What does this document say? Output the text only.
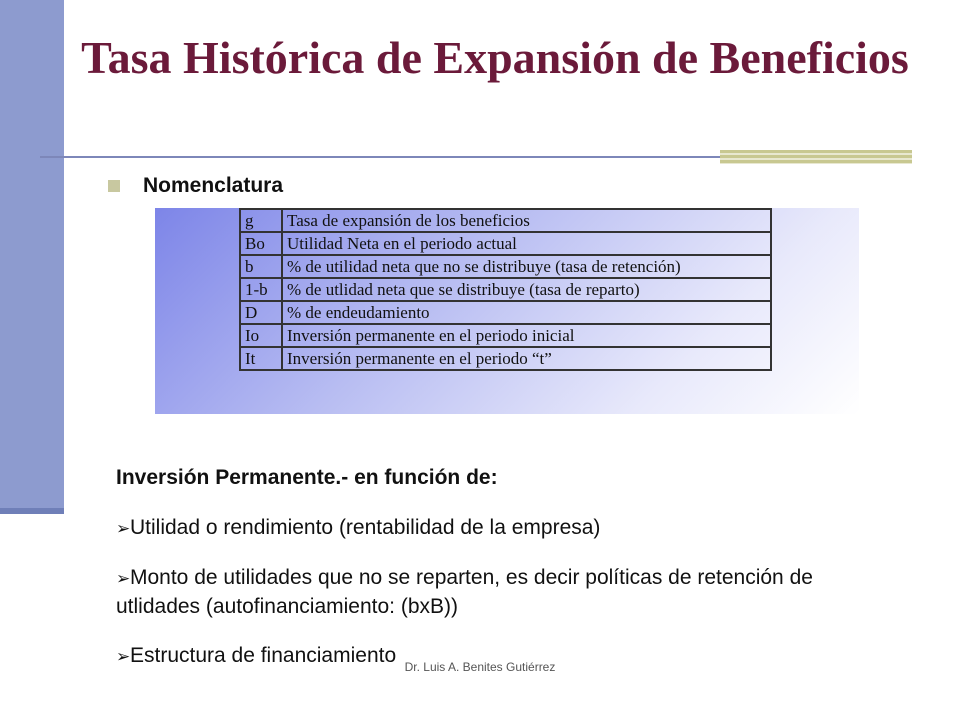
Tasa Histórica de Expansión de Beneficios
Nomenclatura
g	Tasa de expansión de los beneficios
Bo	Utilidad Neta en el periodo actual
b	% de utilidad neta que no se distribuye (tasa de retención)
1-b	% de utlidad neta que se distribuye (tasa de reparto)
D	% de endeudamiento
Io	Inversión permanente en el periodo inicial
It	Inversión permanente en el periodo “t”

Inversión Permanente.- en función de:

➢Utilidad o rendimiento (rentabilidad de la empresa)

➢Monto de utilidades que no se reparten, es decir políticas de retención de utlidades (autofinanciamiento: (bxB))

➢Estructura de financiamiento Dr. Luis A. Benites Gutiérrez
